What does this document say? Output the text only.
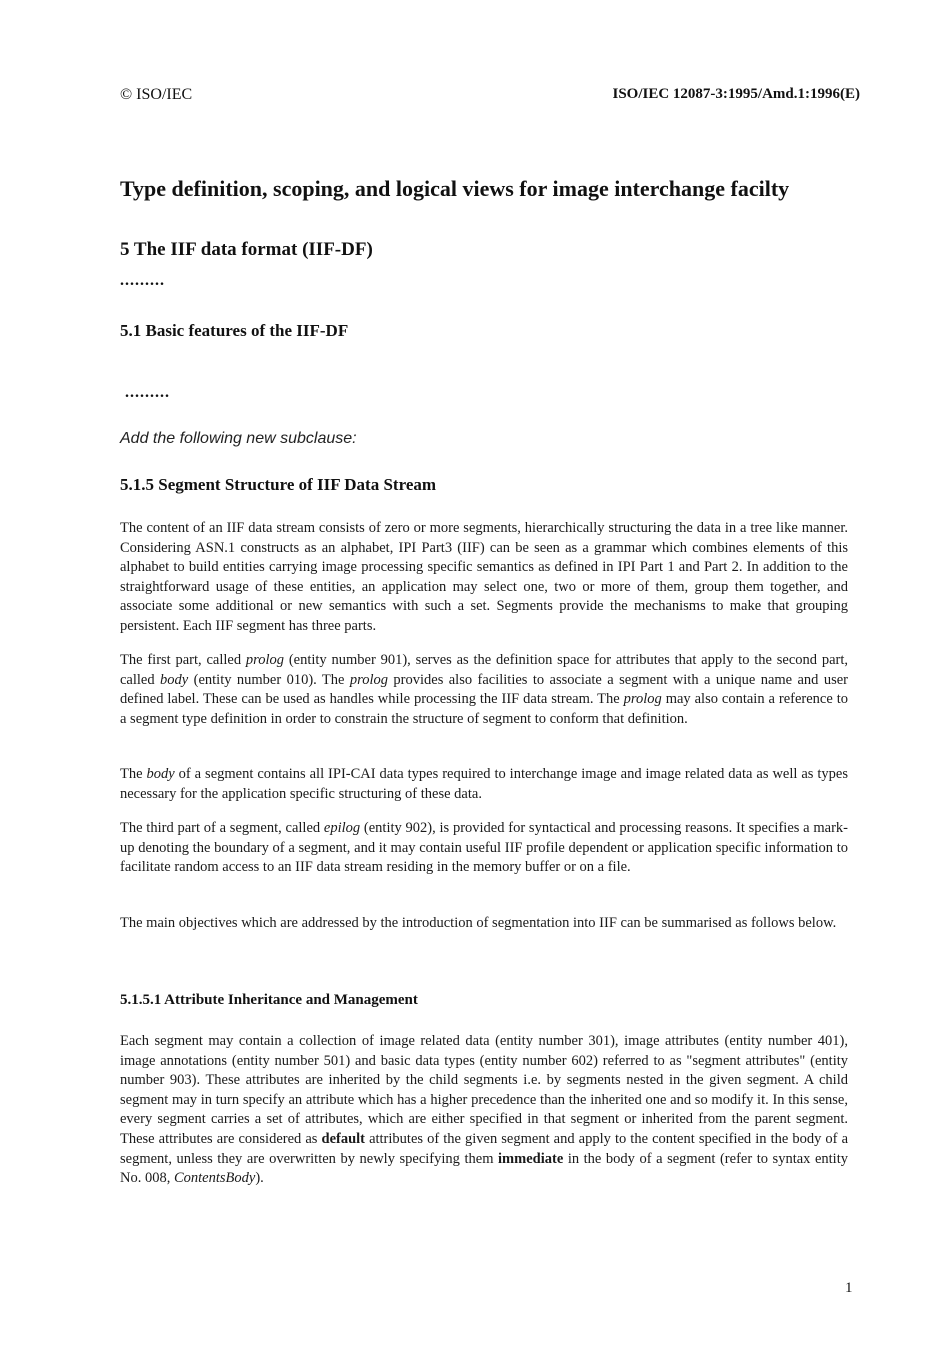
© ISO/IEC	ISO/IEC 12087-3:1995/Amd.1:1996(E)
Type definition, scoping, and logical views for image interchange facilty
5 The IIF data format (IIF-DF)
.........
5.1 Basic features of the IIF-DF
.........
Add the following new subclause:
5.1.5 Segment Structure of IIF Data Stream

The content of an IIF data stream consists of zero or more segments, hierarchically structuring the data in a tree like manner. Considering ASN.1 constructs as an alphabet, IPI Part3 (IIF) can be seen as a grammar which combines elements of this alphabet to build entities carrying image processing specific semantics as defined in IPI Part 1 and Part 2. In addition to the straightforward usage of these entities, an application may select one, two or more of them, group them together, and associate some additional or new semantics with such a set. Segments provide the mechanisms to make that grouping persistent. Each IIF segment has three parts.

The first part, called prolog (entity number 901), serves as the definition space for attributes that apply to the second part, called body (entity number 010). The prolog provides also facilities to associate a segment with a unique name and user defined label. These can be used as handles while processing the IIF data stream. The prolog may also contain a reference to a segment type definition in order to constrain the structure of segment to conform that definition.

The body of a segment contains all IPI-CAI data types required to interchange image and image related data as well as types necessary for the application specific structuring of these data.

The third part of a segment, called epilog (entity 902), is provided for syntactical and processing reasons. It specifies a mark-up denoting the boundary of a segment, and it may contain useful IIF profile dependent or application specific information to facilitate random access to an IIF data stream residing in the memory buffer or on a file.

The main objectives which are addressed by the introduction of segmentation into IIF can be summarised as follows below.

5.1.5.1 Attribute Inheritance and Management

Each segment may contain a collection of image related data (entity number 301), image attributes (entity number 401), image annotations (entity number 501) and basic data types (entity number 602) referred to as "segment attributes" (entity number 903). These attributes are inherited by the child segments i.e. by segments nested in the given segment. A child segment may in turn specify an attribute which has a higher precedence than the inherited one and so modify it. In this sense, every segment carries a set of attributes, which are either specified in that segment or inherited from the parent segment. These attributes are considered as default attributes of the given segment and apply to the content specified in the body of a segment, unless they are overwritten by newly specifying them immediate in the body of a segment (refer to syntax entity No. 008, ContentsBody).

1
